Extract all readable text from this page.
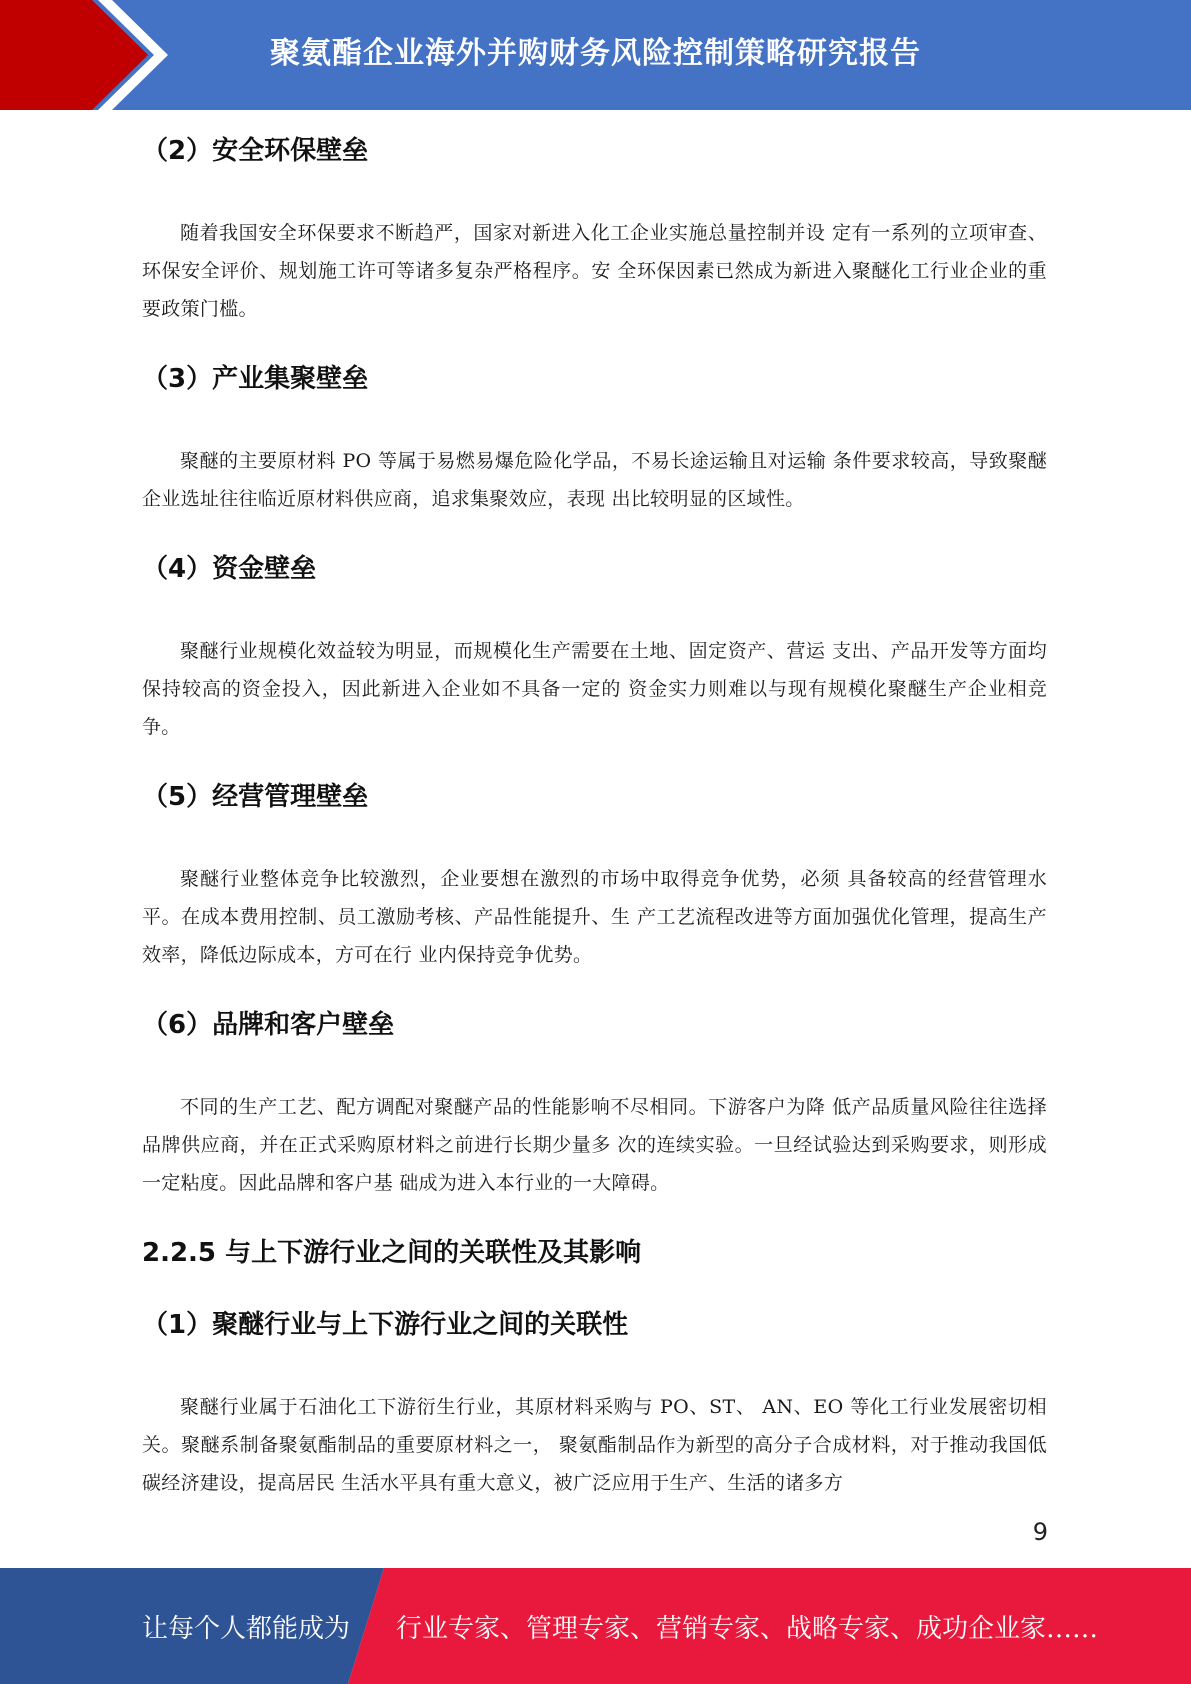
聚氨酯企业海外并购财务风险控制策略研究报告
（2）安全环保壁垒

随着我国安全环保要求不断趋严，国家对新进入化工企业实施总量控制并设 定有一系列的立项审查、环保安全评价、规划施工许可等诸多复杂严格程序。安 全环保因素已然成为新进入聚醚化工行业企业的重要政策门槛。

（3）产业集聚壁垒

聚醚的主要原材料 PO 等属于易燃易爆危险化学品，不易长途运输且对运输 条件要求较高，导致聚醚企业选址往往临近原材料供应商，追求集聚效应，表现 出比较明显的区域性。

（4）资金壁垒

聚醚行业规模化效益较为明显，而规模化生产需要在土地、固定资产、营运 支出、产品开发等方面均保持较高的资金投入，因此新进入企业如不具备一定的 资金实力则难以与现有规模化聚醚生产企业相竞争。

（5）经营管理壁垒

聚醚行业整体竞争比较激烈，企业要想在激烈的市场中取得竞争优势，必须 具备较高的经营管理水平。在成本费用控制、员工激励考核、产品性能提升、生 产工艺流程改进等方面加强优化管理，提高生产效率，降低边际成本，方可在行 业内保持竞争优势。

（6）品牌和客户壁垒

不同的生产工艺、配方调配对聚醚产品的性能影响不尽相同。下游客户为降 低产品质量风险往往选择品牌供应商，并在正式采购原材料之前进行长期少量多 次的连续实验。一旦经试验达到采购要求，则形成一定粘度。因此品牌和客户基 础成为进入本行业的一大障碍。

2.2.5 与上下游行业之间的关联性及其影响
（1）聚醚行业与上下游行业之间的关联性

聚醚行业属于石油化工下游衍生行业，其原材料采购与 PO、ST、 AN、EO 等化工行业发展密切相关。聚醚系制备聚氨酯制品的重要原材料之一， 聚氨酯制品作为新型的高分子合成材料，对于推动我国低碳经济建设，提高居民 生活水平具有重大意义，被广泛应用于生产、生活的诸多方

9
让每个人都能成为 行业专家、管理专家、营销专家、战略专家、成功企业家……
